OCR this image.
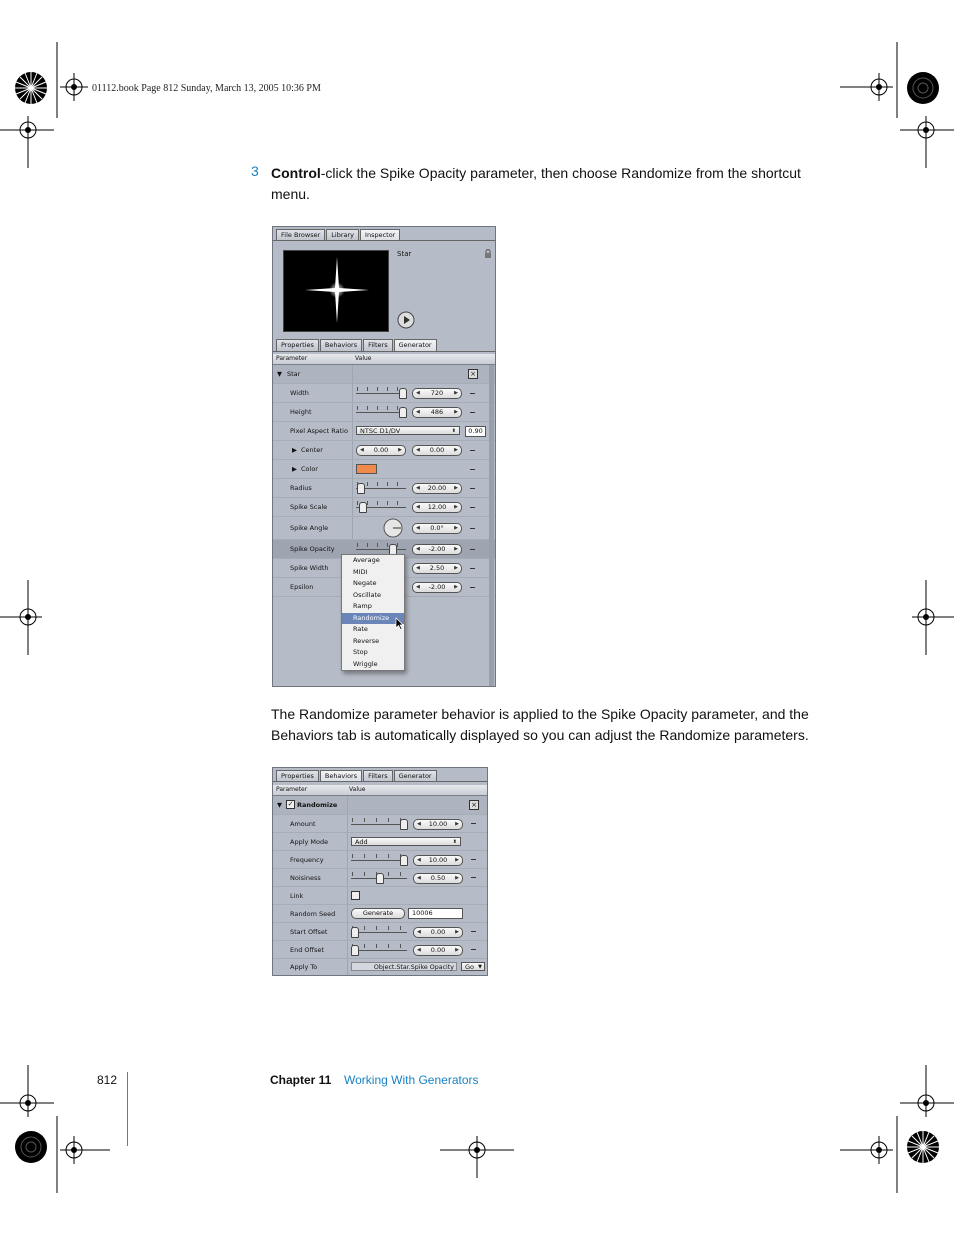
01112.book Page 812 Sunday, March 13, 2005 10:36 PM
3 Control-click the Spike Opacity parameter, then choose Randomize from the shortcut menu.
File Browser	Library	Inspector
Star
Properties	Behaviors	Filters	Generator
Parameter	Value
▼ Star	×
Width	◀ 720 ▶
Height	◀ 486 ▶
Pixel Aspect Ratio	NTSC D1/DV	⬍	0.90
▶ Center	◀ 0.00 ▶	◀ 0.00 ▶
▶ Color
Radius	◀ 20.00 ▶
Spike Scale	◀ 12.00 ▶
Spike Angle	◀ 0.0° ▶
Spike Opacity	◀ -2.00 ▶
Spike Width	◀ 2.50 ▶
Epsilon	◀ -2.00 ▶
Average
MIDI
Negate
Oscillate
Ramp
Randomize
Rate
Reverse
Stop
Wriggle
The Randomize parameter behavior is applied to the Spike Opacity parameter, and the Behaviors tab is automatically displayed so you can adjust the Randomize parameters.
Properties	Behaviors	Filters	Generator
Parameter	Value
▼ ✓ Randomize	×
Amount	◀ 10.00 ▶
Apply Mode	Add	⬍
Frequency	◀ 10.00 ▶
Noisiness	◀ 0.50 ▶
Link
Random Seed	Generate	10006
Start Offset	◀ 0.00 ▶
End Offset	◀ 0.00 ▶
Apply To	Object.Star.Spike Opacity	Go ▼
812	Chapter 11 Working With Generators
